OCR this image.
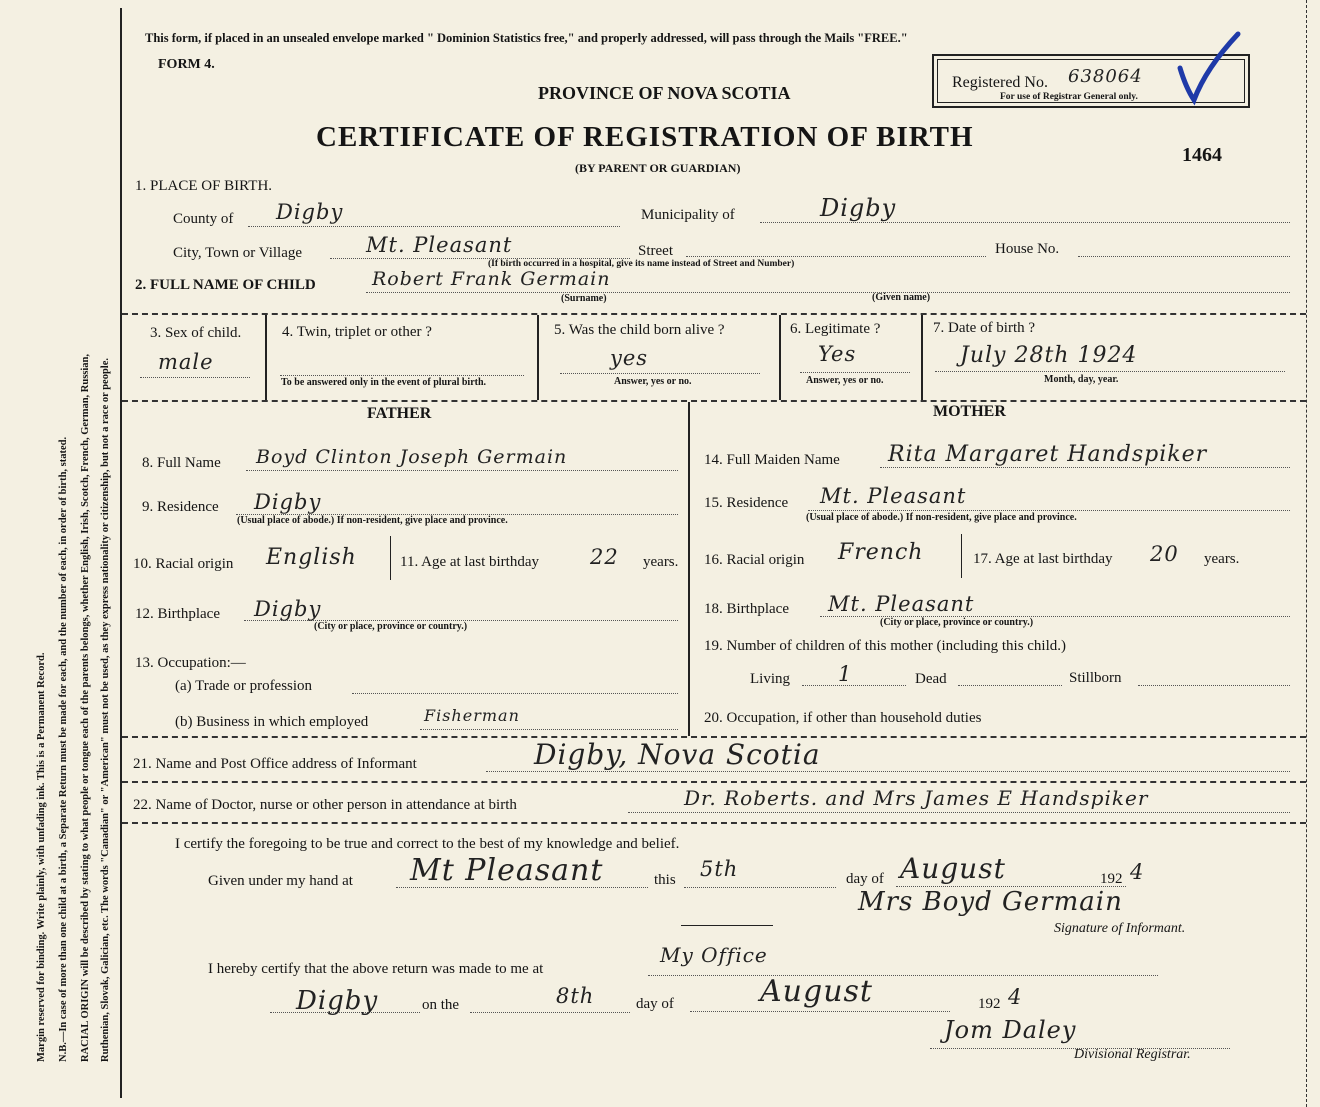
Margin reserved for binding. Write plainly, with unfading ink. This is a Permanent Record. N.B.—In case of more than one child at a birth, a Separate Return must be made for each, and the number of each, in order of birth, stated. RACIAL ORIGIN will be described by stating to what people or tongue each of the parents belongs, whether English, Irish, Scotch, French, German, Russian, Ruthenian, Slovak, Galician, etc. The words "Canadian" or "American" must not be used, as they express nationality or citizenship, but not a race or people.
This form, if placed in an unsealed envelope marked " Dominion Statistics free," and properly addressed, will pass through the Mails "FREE."
FORM 4.
PROVINCE OF NOVA SCOTIA
CERTIFICATE OF REGISTRATION OF BIRTH
(BY PARENT OR GUARDIAN)
Registered No. 638064
For use of Registrar General only.
1464
1. PLACE OF BIRTH.
County of Digby	Municipality of	Digby
City, Town or Village	Mt. Pleasant	Street	House No.
(If birth occurred in a hospital, give its name instead of Street and Number)
2. FULL NAME OF CHILD	Robert Frank Germain
(Surname)	(Given name)
3. Sex of child.
male
4. Twin, triplet or other ?
To be answered only in the event of plural birth.
5. Was the child born alive ?
yes
Answer, yes or no.
6. Legitimate ?
Yes
Answer, yes or no.
7. Date of birth ?
July 28th 1924
Month, day, year.
FATHER	MOTHER
8. Full Name Boyd Clinton Joseph Germain
9. Residence Digby
(Usual place of abode.) If non-resident, give place and province.
10. Racial origin English	11. Age at last birthday 22 years.
12. Birthplace Digby
(City or place, province or country.)
13. Occupation:—
(a) Trade or profession
(b) Business in which employed	Fisherman
14. Full Maiden Name Rita Margaret Handspiker
15. Residence Mt. Pleasant
(Usual place of abode.) If non-resident, give place and province.
16. Racial origin French	17. Age at last birthday 20 years.
18. Birthplace Mt. Pleasant
(City or place, province or country.)
19. Number of children of this mother (including this child.)
Living 1	Dead	Stillborn
20. Occupation, if other than household duties
21. Name and Post Office address of Informant	Digby, Nova Scotia
22. Name of Doctor, nurse or other person in attendance at birth	Dr. Roberts. and Mrs James E Handspiker
I certify the foregoing to be true and correct to the best of my knowledge and belief.
Given under my hand at Mt Pleasant	this 5th	day of August	192 4
Mrs Boyd Germain
Signature of Informant.
I hereby certify that the above return was made to me at
My Office
Digby	on the	8th	day of	August	192 4
Jom Daley
Divisional Registrar.
